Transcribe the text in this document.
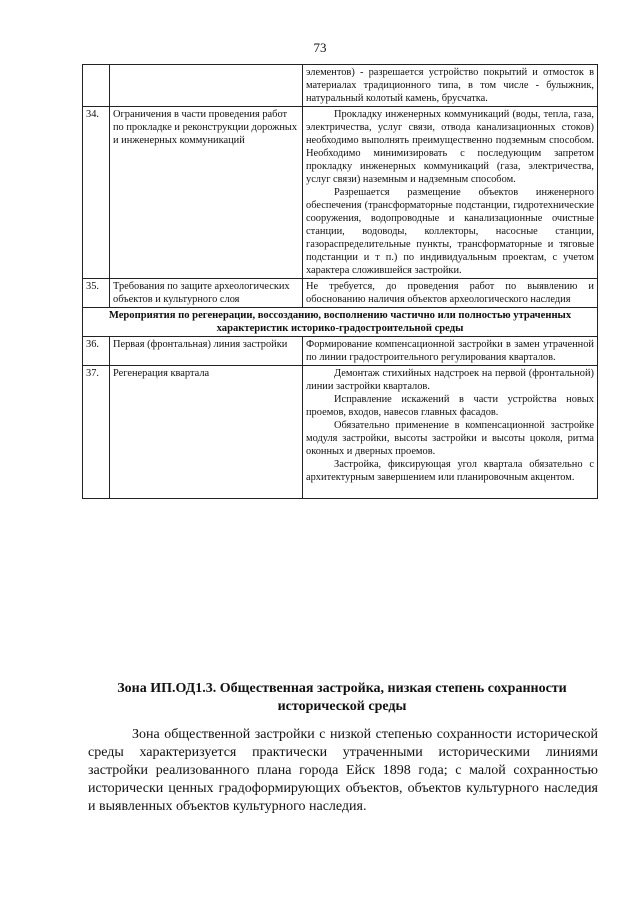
73

		элементов) - разрешается устройство покрытий и отмосток в материалах традиционного типа, в том числе - булыжник, натуральный колотый камень, брусчатка.

34.	Ограничения в части проведения работ по прокладке и реконструкции дорожных и инженерных коммуникаций	Прокладку инженерных коммуникаций (воды, тепла, газа, электричества, услуг связи, отвода канализационных стоков) необходимо выполнять преимущественно подземным способом. Необходимо минимизировать с последующим запретом прокладку инженерных коммуникаций (газа, электричества, услуг связи) наземным и надземным способом.

Разрешается размещение объектов инженерного обеспечения (трансформаторные подстанции, гидротехнические сооружения, водопроводные и канализационные очистные станции, водоводы, коллекторы, насосные станции, газораспределительные пункты, трансформаторные и тяговые подстанции и т п.) по индивидуальным проектам, с учетом характера сложившейся застройки.

35.	Требования по защите археологических объектов и культурного слоя	Не требуется, до проведения работ по выявлению и обоснованию наличия объектов археологического наследия

Мероприятия по регенерации, воссозданию, восполнению частично или полностью утраченных характеристик историко-градостроительной среды		
36.	Первая (фронтальная) линия застройки	Формирование компенсационной застройки в замен утраченной по линии градостроительного регулирования кварталов.

37.	Регенерация квартала	Демонтаж стихийных надстроек на первой (фронтальной) линии застройки кварталов.

Исправление искажений в части устройства новых проемов, входов, навесов главных фасадов.

Обязательно применение в компенсационной застройке модуля застройки, высоты застройки и высоты цоколя, ритма оконных и дверных проемов.

Застройка, фиксирующая угол квартала обязательно с архитектурным завершением или планировочным акцентом.

Зона ИП.ОД1.3. Общественная застройка, низкая степень сохранности исторической среды

Зона общественной застройки с низкой степенью сохранности исторической среды характеризуется практически утраченными историческими линиями застройки реализованного плана города Ейск 1898 года; с малой сохранностью исторически ценных градоформирующих объектов, объектов культурного наследия и выявленных объектов культурного наследия.
